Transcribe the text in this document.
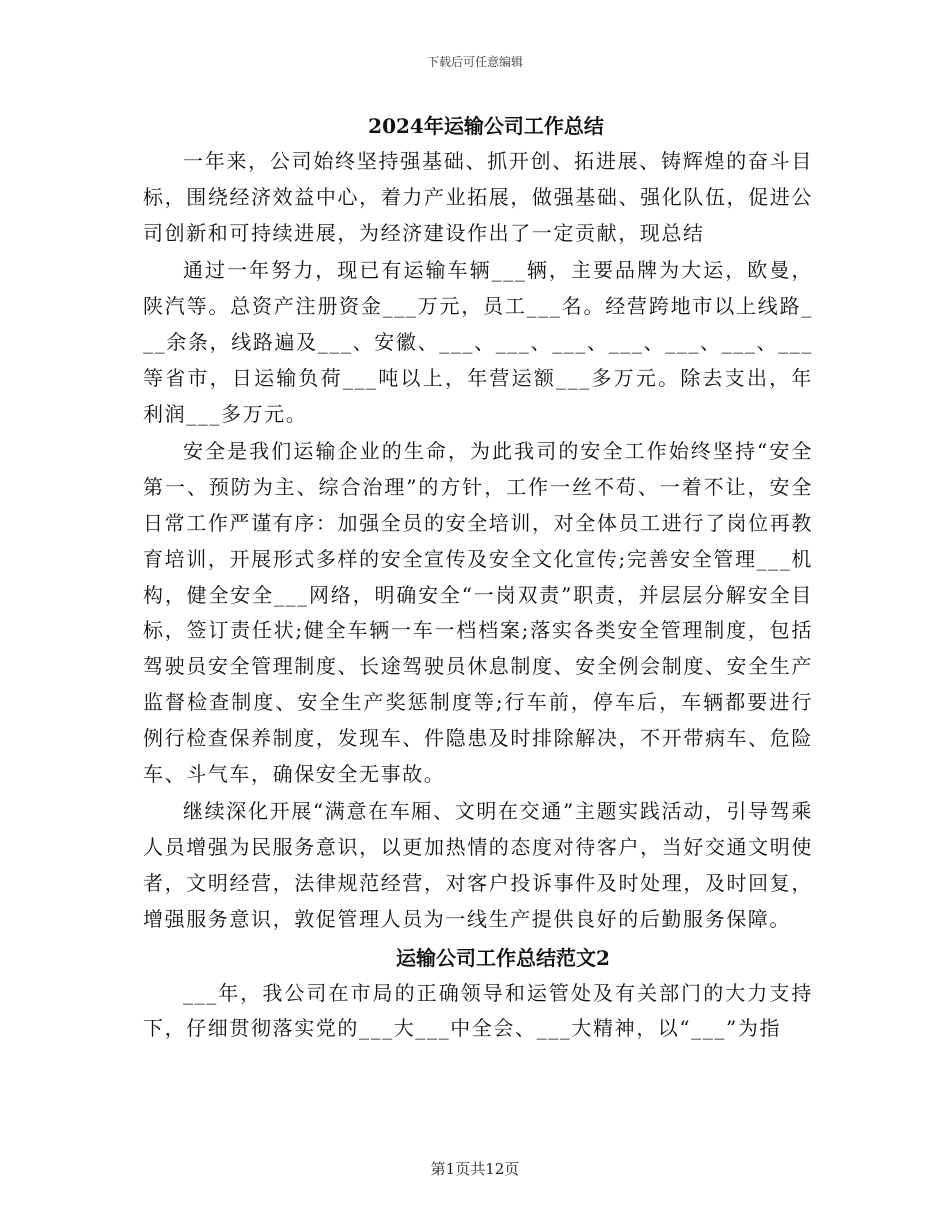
下载后可任意编辑
2024年运输公司工作总结

一年来，公司始终坚持强基础、抓开创、拓进展、铸辉煌的奋斗目标，围绕经济效益中心，着力产业拓展，做强基础、强化队伍，促进公司创新和可持续进展，为经济建设作出了一定贡献，现总结

通过一年努力，现已有运输车辆___辆，主要品牌为大运，欧曼，陕汽等。总资产注册资金___万元，员工___名。经营跨地市以上线路___余条，线路遍及___、安徽、___、___、___、___、___、___、___等省市，日运输负荷___吨以上，年营运额___多万元。除去支出，年利润___多万元。

安全是我们运输企业的生命，为此我司的安全工作始终坚持“安全第一、预防为主、综合治理”的方针，工作一丝不苟、一着不让，安全日常工作严谨有序：加强全员的安全培训，对全体员工进行了岗位再教育培训，开展形式多样的安全宣传及安全文化宣传;完善安全管理___机构，健全安全___网络，明确安全“一岗双责”职责，并层层分解安全目标，签订责任状;健全车辆一车一档档案;落实各类安全管理制度，包括驾驶员安全管理制度、长途驾驶员休息制度、安全例会制度、安全生产监督检查制度、安全生产奖惩制度等;行车前，停车后，车辆都要进行例行检查保养制度，发现车、件隐患及时排除解决，不开带病车、危险车、斗气车，确保安全无事故。

继续深化开展“满意在车厢、文明在交通”主题实践活动，引导驾乘人员增强为民服务意识，以更加热情的态度对待客户，当好交通文明使者，文明经营，法律规范经营，对客户投诉事件及时处理，及时回复，增强服务意识，敦促管理人员为一线生产提供良好的后勤服务保障。

运输公司工作总结范文2

___年，我公司在市局的正确领导和运管处及有关部门的大力支持下，仔细贯彻落实党的___大___中全会、___大精神，以“___”为指

第1页共12页
